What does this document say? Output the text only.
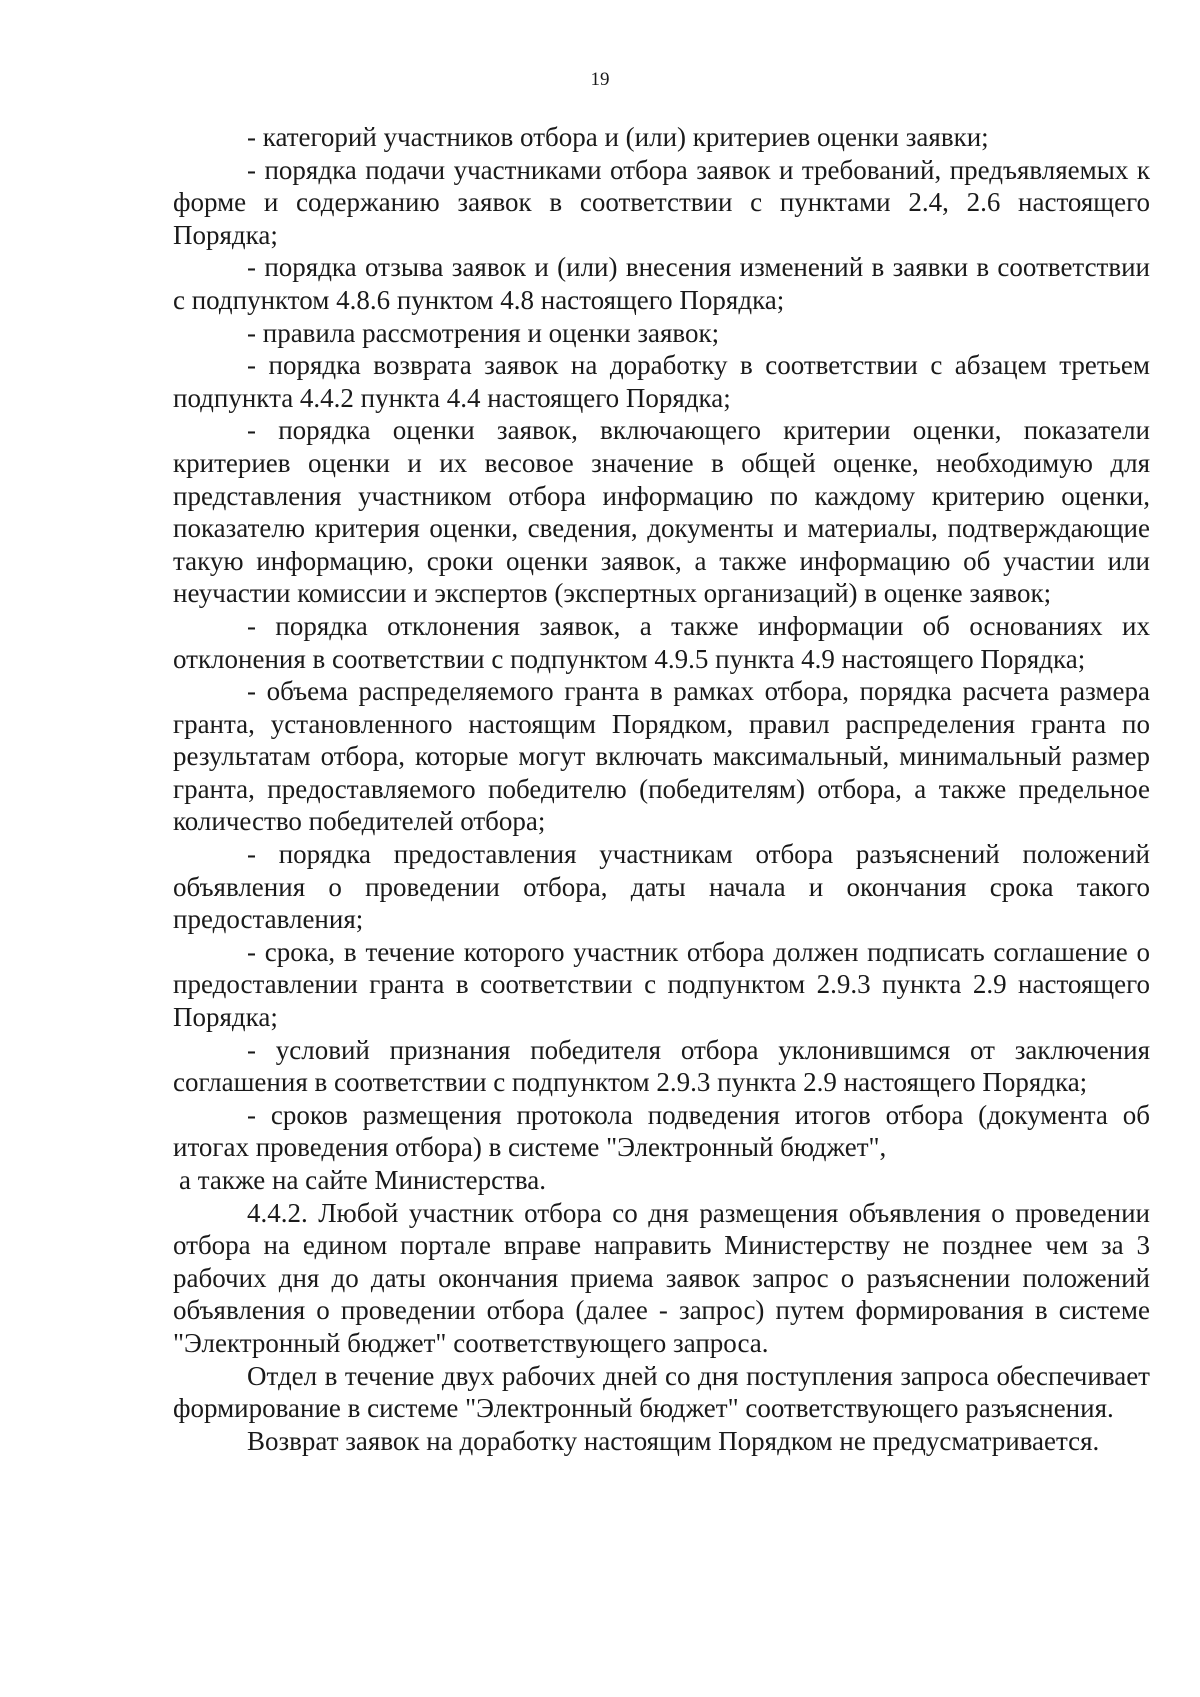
19

- категорий участников отбора и (или) критериев оценки заявки;

- порядка подачи участниками отбора заявок и требований, предъявляемых к форме и содержанию заявок в соответствии с пунктами 2.4, 2.6 настоящего Порядка;

- порядка отзыва заявок и (или) внесения изменений в заявки в соответствии с подпунктом 4.8.6 пунктом 4.8 настоящего Порядка;

- правила рассмотрения и оценки заявок;

- порядка возврата заявок на доработку в соответствии с абзацем третьем подпункта 4.4.2 пункта 4.4 настоящего Порядка;

- порядка оценки заявок, включающего критерии оценки, показатели критериев оценки и их весовое значение в общей оценке, необходимую для представления участником отбора информацию по каждому критерию оценки, показателю критерия оценки, сведения, документы и материалы, подтверждающие такую информацию, сроки оценки заявок, а также информацию об участии или неучастии комиссии и экспертов (экспертных организаций) в оценке заявок;

- порядка отклонения заявок, а также информации об основаниях их отклонения в соответствии с подпунктом 4.9.5 пункта 4.9 настоящего Порядка;

- объема распределяемого гранта в рамках отбора, порядка расчета размера гранта, установленного настоящим Порядком, правил распределения гранта по результатам отбора, которые могут включать максимальный, минимальный размер гранта, предоставляемого победителю (победителям) отбора, а также предельное количество победителей отбора;

- порядка предоставления участникам отбора разъяснений положений объявления о проведении отбора, даты начала и окончания срока такого предоставления;

- срока, в течение которого участник отбора должен подписать соглашение о предоставлении гранта в соответствии с подпунктом 2.9.3 пункта 2.9 настоящего Порядка;

- условий признания победителя отбора уклонившимся от заключения соглашения в соответствии с подпунктом 2.9.3 пункта 2.9 настоящего Порядка;

- сроков размещения протокола подведения итогов отбора (документа об итогах проведения отбора) в системе "Электронный бюджет",

а также на сайте Министерства.

4.4.2. Любой участник отбора со дня размещения объявления о проведении отбора на едином портале вправе направить Министерству не позднее чем за 3 рабочих дня до даты окончания приема заявок запрос о разъяснении положений объявления о проведении отбора (далее - запрос) путем формирования в системе "Электронный бюджет" соответствующего запроса.

Отдел в течение двух рабочих дней со дня поступления запроса обеспечивает формирование в системе "Электронный бюджет" соответствующего разъяснения.

Возврат заявок на доработку настоящим Порядком не предусматривается.
